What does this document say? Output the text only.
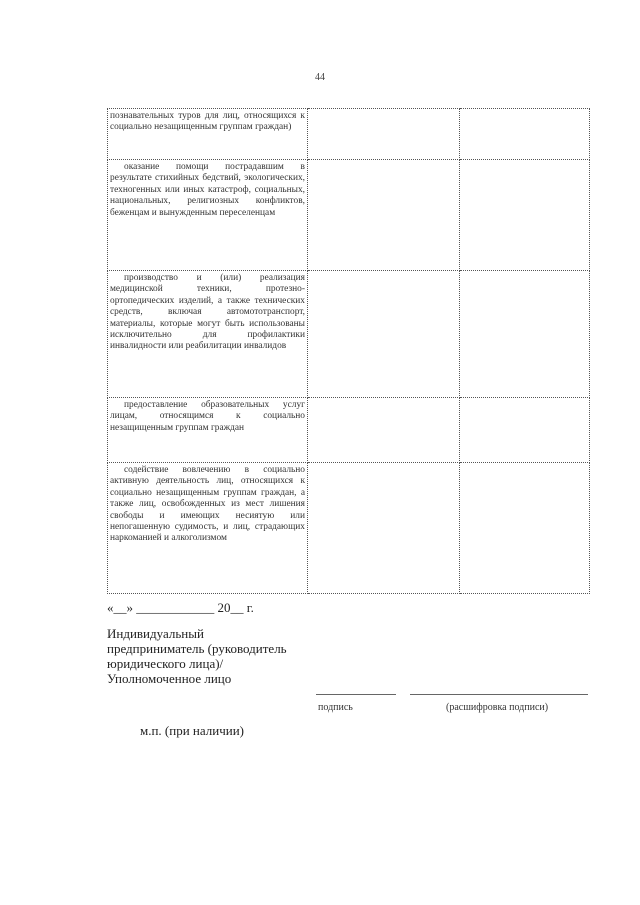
44
познавательных туров для лиц, относящихся к социально незащищенным группам граждан)		

оказание помощи пострадавшим в результате стихийных бедствий, экологических, техногенных или иных катастроф, социальных, национальных, религиозных конфликтов, беженцам и вынужденным переселенцам		

производство и (или) реализация медицинской техники, протезно-ортопедических изделий, а также технических средств, включая автомототранспорт, материалы, которые могут быть использованы исключительно для профилактики инвалидности или реабилитации инвалидов		

предоставление образовательных услуг лицам, относящимся к социально незащищенным группам граждан		

содействие вовлечению в социально активную деятельность лиц, относящихся к социально незащищенным группам граждан, а также лиц, освобожденных из мест лишения свободы и имеющих несиятую или непогашенную судимость, и лиц, страдающих наркоманией и алкоголизмом		

«__» ____________ 20__ г.
Индивидуальный предприниматель (руководитель юридического лица)/Уполномоченное лицо
подпись	(расшифровка подписи)
м.п. (при наличии)
